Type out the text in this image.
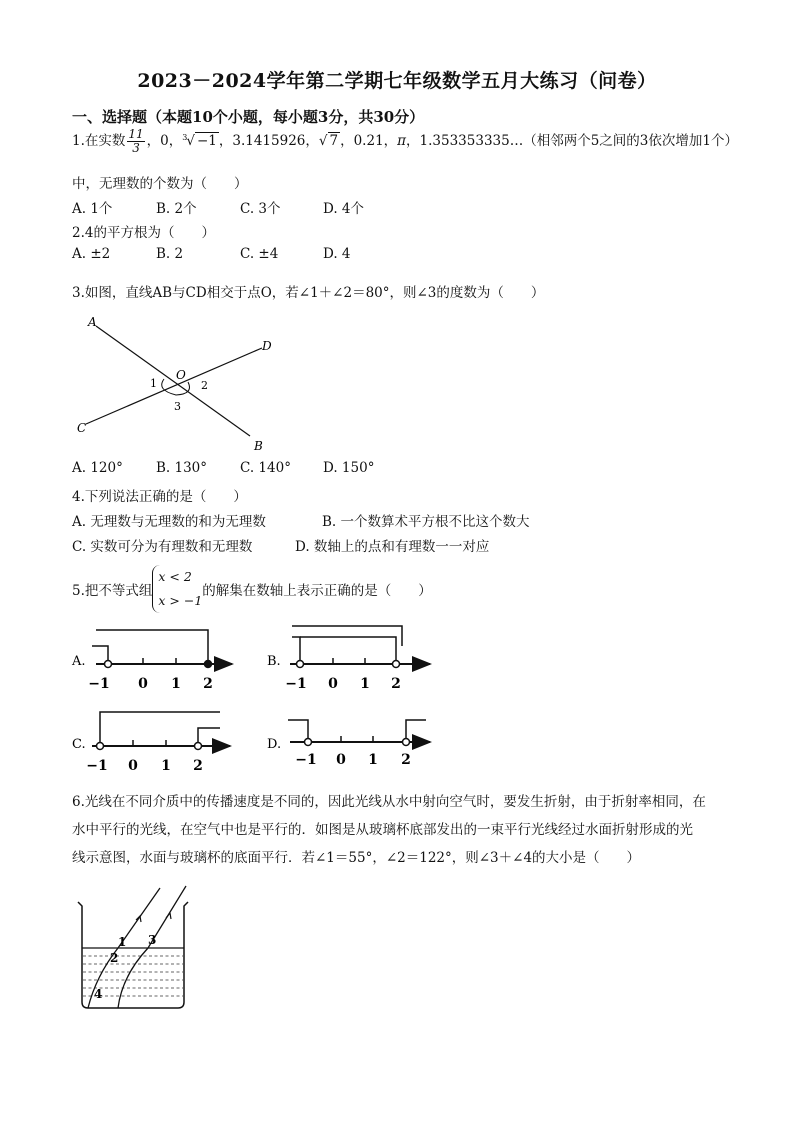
2023－2024学年第二学期七年级数学五月大练习（问卷）
一、选择题（本题10个小题，每小题3分，共30分）
1.在实数 $\frac{11}{3}$ ，0，$^3$√ −1 ，3.1415926，√ 7 ，0.21，π，1.353353335…（相邻两个5之间的3依次增加1个）
中，无理数的个数为（　　）
A. 1个	B. 2个	C. 3个	D. 4个
2.4的平方根为（　　）
A. ±2	B. 2	C. ±4	D. 4
3.如图，直线AB与CD相交于点O，若∠1＋∠2＝80°，则∠3的度数为（　　）
A
B
C
D
O
1	2
3
A. 120° B. 130° C. 140° D. 150°
4.下列说法正确的是（　　）
A. 无理数与无理数的和为无理数	B. 一个数算术平方根不比这个数大
C. 实数可分为有理数和无理数	D. 数轴上的点和有理数一一对应
5.把不等式组
x < 2
x > −1
的解集在数轴上表示正确的是（　　）
A.
−1 0 1 2
B.
−1 0 1 2
C.
−1 0 1 2
D.
−1 0 1 2
6.光线在不同介质中的传播速度是不同的，因此光线从水中射向空气时，要发生折射，由于折射率相同，在
水中平行的光线，在空气中也是平行的．如图是从玻璃杯底部发出的一束平行光线经过水面折射形成的光
线示意图，水面与玻璃杯的底面平行．若∠1＝55°，∠2＝122°，则∠3＋∠4的大小是（　　）
1
2
3
4
